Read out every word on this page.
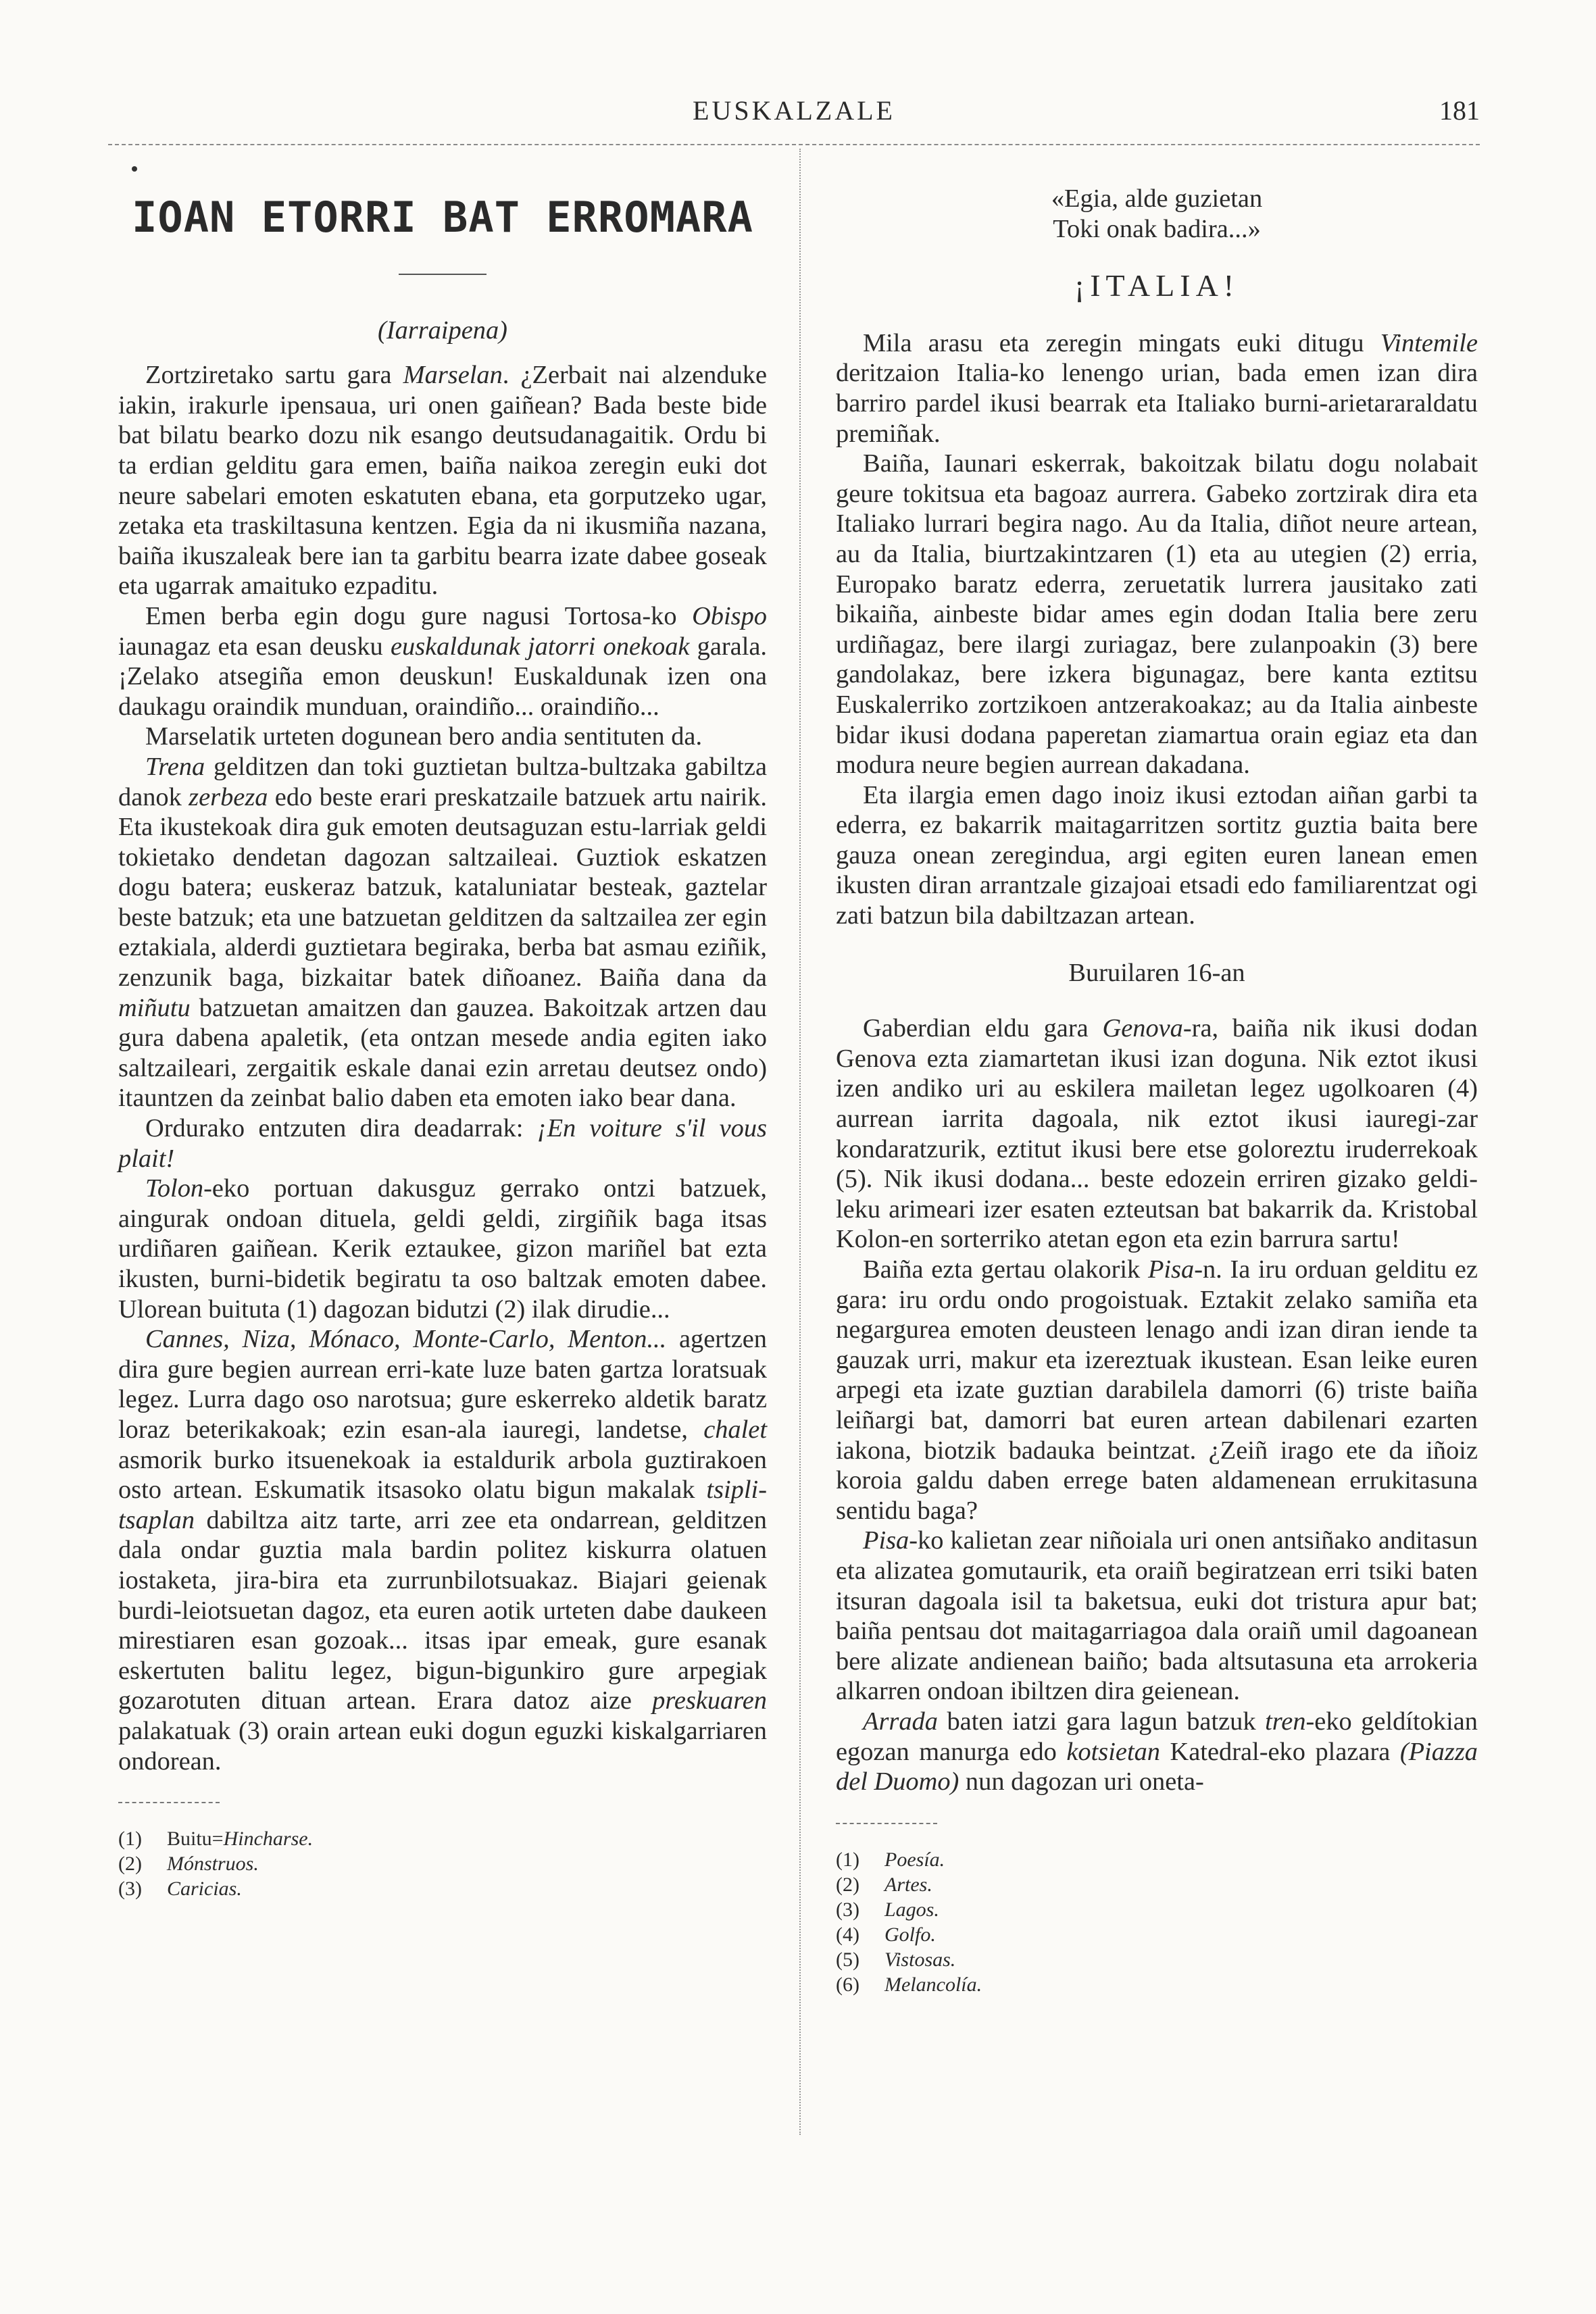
EUSKALZALE	181
IOAN ETORRI BAT ERROMARA
(Iarraipena)

Zortziretako sartu gara Marselan. ¿Zerbait nai alzenduke iakin, irakurle ipensaua, uri onen gaiñean? Bada beste bide bat bilatu bearko dozu nik esango deutsudanagaitik. Ordu bi ta erdian gelditu gara emen, baiña naikoa zeregin euki dot neure sabelari emoten eskatuten ebana, eta gorputzeko ugar, zetaka eta traskiltasuna kentzen. Egia da ni ikusmiña nazana, baiña ikuszaleak bere ian ta garbitu bearra izate dabee goseak eta ugarrak amaituko ezpaditu.

Emen berba egin dogu gure nagusi Tortosa-ko Obispo iaunagaz eta esan deusku euskaldunak jatorri onekoak garala. ¡Zelako atsegiña emon deuskun! Euskaldunak izen ona daukagu oraindik munduan, oraindiño... oraindiño...

Marselatik urteten dogunean bero andia sentituten da.

Trena gelditzen dan toki guztietan bultza-bultzaka gabiltza danok zerbeza edo beste erari preskatzaile batzuek artu nairik. Eta ikustekoak dira guk emoten deutsaguzan estu-larriak geldi tokietako dendetan dagozan saltzaileai. Guztiok eskatzen dogu batera; euskeraz batzuk, kataluniatar besteak, gaztelar beste batzuk; eta une batzuetan gelditzen da saltzailea zer egin eztakiala, alderdi guztietara begiraka, berba bat asmau eziñik, zenzunik baga, bizkaitar batek diñoanez. Baiña dana da miñutu batzuetan amaitzen dan gauzea. Bakoitzak artzen dau gura dabena apaletik, (eta ontzan mesede andia egiten iako saltzaileari, zergaitik eskale danai ezin arretau deutsez ondo) itauntzen da zeinbat balio daben eta emoten iako bear dana.

Ordurako entzuten dira deadarrak: ¡En voiture s'il vous plait!

Tolon-eko portuan dakusguz gerrako ontzi batzuek, aingurak ondoan dituela, geldi geldi, zirgiñik baga itsas urdiñaren gaiñean. Kerik eztaukee, gizon mariñel bat ezta ikusten, burni-bidetik begiratu ta oso baltzak emoten dabee. Ulorean buituta (1) dagozan bidutzi (2) ilak dirudie...

Cannes, Niza, Mónaco, Monte-Carlo, Menton... agertzen dira gure begien aurrean erri-kate luze baten gartza loratsuak legez. Lurra dago oso narotsua; gure eskerreko aldetik baratz loraz beterikakoak; ezin esan-ala iauregi, landetse, chalet asmorik burko itsuenekoak ia estaldurik arbola guztirakoen osto artean. Eskumatik itsasoko olatu bigun makalak tsipli-tsaplan dabiltza aitz tarte, arri zee eta ondarrean, gelditzen dala ondar guztia mala bardin politez kiskurra olatuen iostaketa, jira-bira eta zurrunbilotsuakaz. Biajari geienak burdi-leiotsuetan dagoz, eta euren aotik urteten dabe daukeen mirestiaren esan gozoak... itsas ipar emeak, gure esanak eskertuten balitu legez, bigun-bigunkiro gure arpegiak gozarotuten dituan artean. Erara datoz aize preskuaren palakatuak (3) orain artean euki dogun eguzki kiskalgarriaren ondorean.

(1) Buitu=Hincharse.
(2) Mónstruos.
(3) Caricias.
«Egia, alde guzietan
Toki onak badira...»
¡ITALIA!

Mila arasu eta zeregin mingats euki ditugu Vintemile deritzaion Italia-ko lenengo urian, bada emen izan dira barriro pardel ikusi bearrak eta Italiako burni-arietararaldatu premiñak.

Baiña, Iaunari eskerrak, bakoitzak bilatu dogu nolabait geure tokitsua eta bagoaz aurrera. Gabeko zortzirak dira eta Italiako lurrari begira nago. Au da Italia, diñot neure artean, au da Italia, biurtzakintzaren (1) eta au utegien (2) erria, Europako baratz ederra, zeruetatik lurrera jausitako zati bikaiña, ainbeste bidar ames egin dodan Italia bere zeru urdiñagaz, bere ilargi zuriagaz, bere zulanpoakin (3) bere gandolakaz, bere izkera bigunagaz, bere kanta eztitsu Euskalerriko zortzikoen antzerakoakaz; au da Italia ainbeste bidar ikusi dodana paperetan ziamartua orain egiaz eta dan modura neure begien aurrean dakadana.

Eta ilargia emen dago inoiz ikusi eztodan aiñan garbi ta ederra, ez bakarrik maitagarritzen sortitz guztia baita bere gauza onean zeregindua, argi egiten euren lanean emen ikusten diran arrantzale gizajoai etsadi edo familiarentzat ogi zati batzun bila dabiltzazan artean.

Buruilaren 16-an

Gaberdian eldu gara Genova-ra, baiña nik ikusi dodan Genova ezta ziamartetan ikusi izan doguna. Nik eztot ikusi izen andiko uri au eskilera mailetan legez ugolkoaren (4) aurrean iarrita dagoala, nik eztot ikusi iauregi-zar kondaratzurik, eztitut ikusi bere etse goloreztu iruderrekoak (5). Nik ikusi dodana... beste edozein erriren gizako geldi-leku arimeari izer esaten ezteutsan bat bakarrik da. Kristobal Kolon-en sorterriko atetan egon eta ezin barrura sartu!

Baiña ezta gertau olakorik Pisa-n. Ia iru orduan gelditu ez gara: iru ordu ondo progoistuak. Eztakit zelako samiña eta negargurea emoten deusteen lenago andi izan diran iende ta gauzak urri, makur eta izereztuak ikustean. Esan leike euren arpegi eta izate guztian darabilela damorri (6) triste baiña leiñargi bat, damorri bat euren artean dabilenari ezarten iakona, biotzik badauka beintzat. ¿Zeiñ irago ete da iñoiz koroia galdu daben errege baten aldamenean errukitasuna sentidu baga?

Pisa-ko kalietan zear niñoiala uri onen antsiñako anditasun eta alizatea gomutaurik, eta oraiñ begiratzean erri tsiki baten itsuran dagoala isil ta baketsua, euki dot tristura apur bat; baiña pentsau dot maitagarriagoa dala oraiñ umil dagoanean bere alizate andienean baiño; bada altsutasuna eta arrokeria alkarren ondoan ibiltzen dira geienean.

Arrada baten iatzi gara lagun batzuk tren-eko geldítokian egozan manurga edo kotsietan Katedral-eko plazara (Piazza del Duomo) nun dagozan uri oneta-

(1) Poesía.
(2) Artes.
(3) Lagos.
(4) Golfo.
(5) Vistosas.
(6) Melancolía.
